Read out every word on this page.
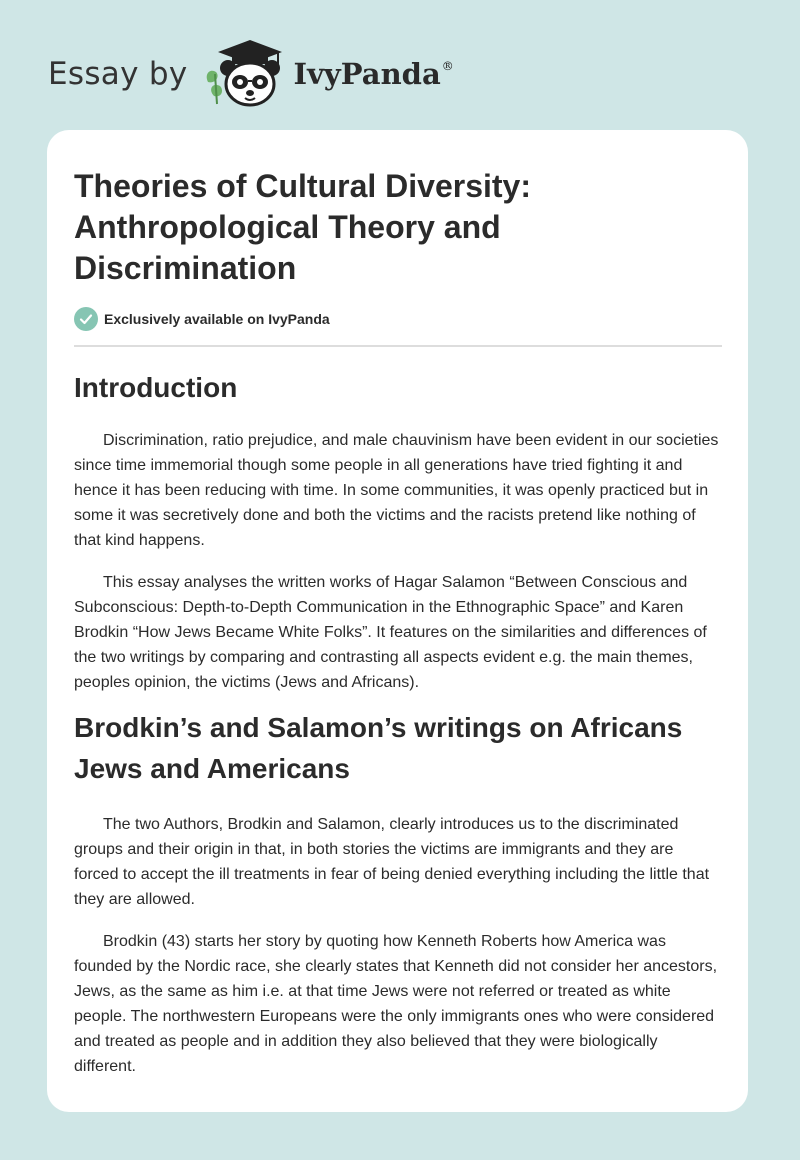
Essay by	IvyPanda®
Theories of Cultural Diversity: Anthropological Theory and Discrimination
Exclusively available on IvyPanda
Introduction

Discrimination, ratio prejudice, and male chauvinism have been evident in our societies since time immemorial though some people in all generations have tried fighting it and hence it has been reducing with time. In some communities, it was openly practiced but in some it was secretively done and both the victims and the racists pretend like nothing of that kind happens.

This essay analyses the written works of Hagar Salamon “Between Conscious and Subconscious: Depth-to-Depth Communication in the Ethnographic Space” and Karen Brodkin “How Jews Became White Folks”. It features on the similarities and differences of the two writings by comparing and contrasting all aspects evident e.g. the main themes, peoples opinion, the victims (Jews and Africans).

Brodkin’s and Salamon’s writings on Africans Jews and Americans

The two Authors, Brodkin and Salamon, clearly introduces us to the discriminated groups and their origin in that, in both stories the victims are immigrants and they are forced to accept the ill treatments in fear of being denied everything including the little that they are allowed.

Brodkin (43) starts her story by quoting how Kenneth Roberts how America was founded by the Nordic race, she clearly states that Kenneth did not consider her ancestors, Jews, as the same as him i.e. at that time Jews were not referred or treated as white people. The northwestern Europeans were the only immigrants ones who were considered and treated as people and in addition they also believed that they were biologically different.
